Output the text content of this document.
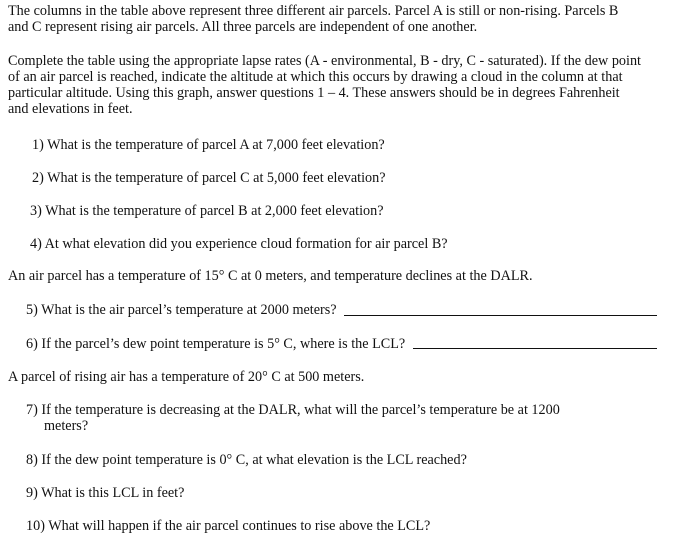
The columns in the table above represent three different air parcels. Parcel A is still or non-rising. Parcels B
and C represent rising air parcels. All three parcels are independent of one another.

Complete the table using the appropriate lapse rates (A - environmental, B - dry, C - saturated). If the dew point
of an air parcel is reached, indicate the altitude at which this occurs by drawing a cloud in the column at that
particular altitude. Using this graph, answer questions 1 – 4. These answers should be in degrees Fahrenheit
and elevations in feet.

1) What is the temperature of parcel A at 7,000 feet elevation?
2) What is the temperature of parcel C at 5,000 feet elevation?
3) What is the temperature of parcel B at 2,000 feet elevation?
4) At what elevation did you experience cloud formation for air parcel B?

An air parcel has a temperature of 15° C at 0 meters, and temperature declines at the DALR.

5) What is the air parcel’s temperature at 2000 meters?
6) If the parcel’s dew point temperature is 5° C, where is the LCL?

A parcel of rising air has a temperature of 20° C at 500 meters.

7) If the temperature is decreasing at the DALR, what will the parcel’s temperature be at 1200
meters?
8) If the dew point temperature is 0° C, at what elevation is the LCL reached?
9) What is this LCL in feet?
10) What will happen if the air parcel continues to rise above the LCL?
